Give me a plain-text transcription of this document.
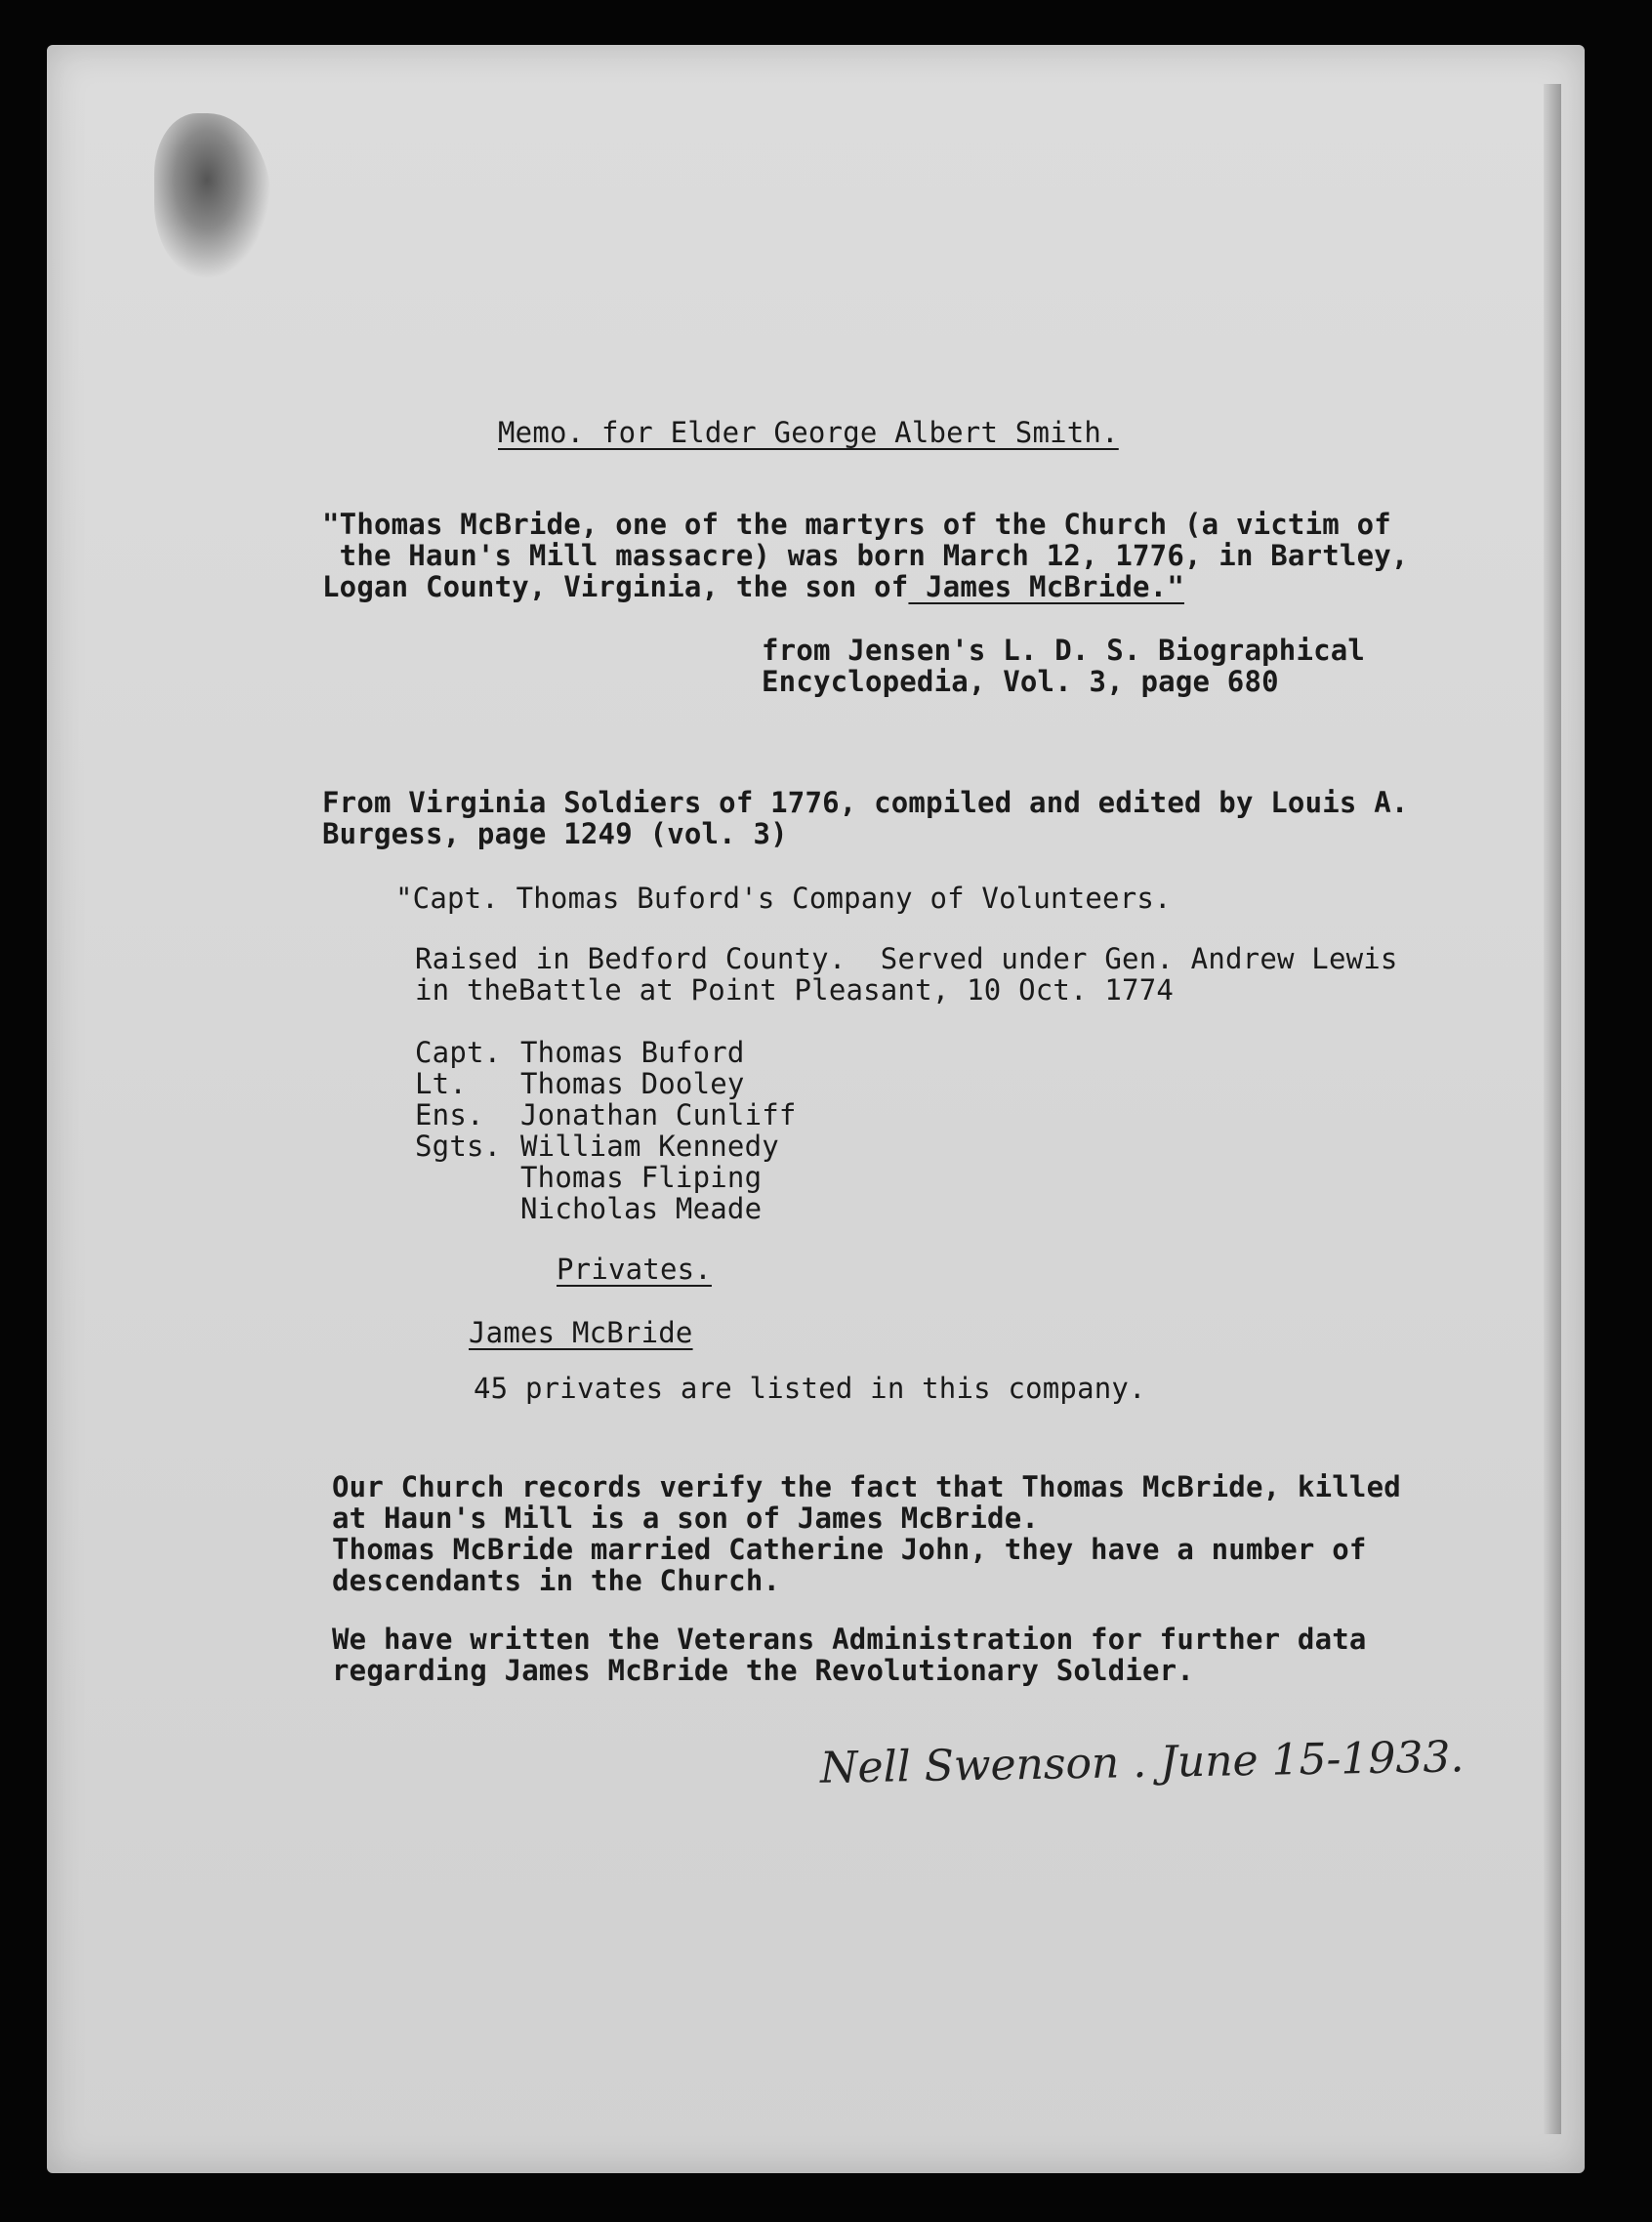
Memo. for Elder George Albert Smith.

"Thomas McBride, one of the martyrs of the Church (a victim of

the Haun's Mill massacre) was born March 12, 1776, in Bartley,

Logan County, Virginia, the son of James McBride."

from Jensen's L. D. S. Biographical

Encyclopedia, Vol. 3, page 680

From Virginia Soldiers of 1776, compiled and edited by Louis A.

Burgess, page 1249 (vol. 3)

"Capt. Thomas Buford's Company of Volunteers.

Raised in Bedford County.  Served under Gen. Andrew Lewis

in theBattle at Point Pleasant, 10 Oct. 1774

Capt. Thomas Buford

Lt. Thomas Dooley

Ens. Jonathan Cunliff

Sgts. William Kennedy

Thomas Fliping

Nicholas Meade

Privates.

James McBride

45 privates are listed in this company.

Our Church records verify the fact that Thomas McBride, killed

at Haun's Mill is a son of James McBride.

Thomas McBride married Catherine John, they have a number of

descendants in the Church.

We have written the Veterans Administration for further data

regarding James McBride the Revolutionary Soldier.

Nell Swenson . June 15-1933.
